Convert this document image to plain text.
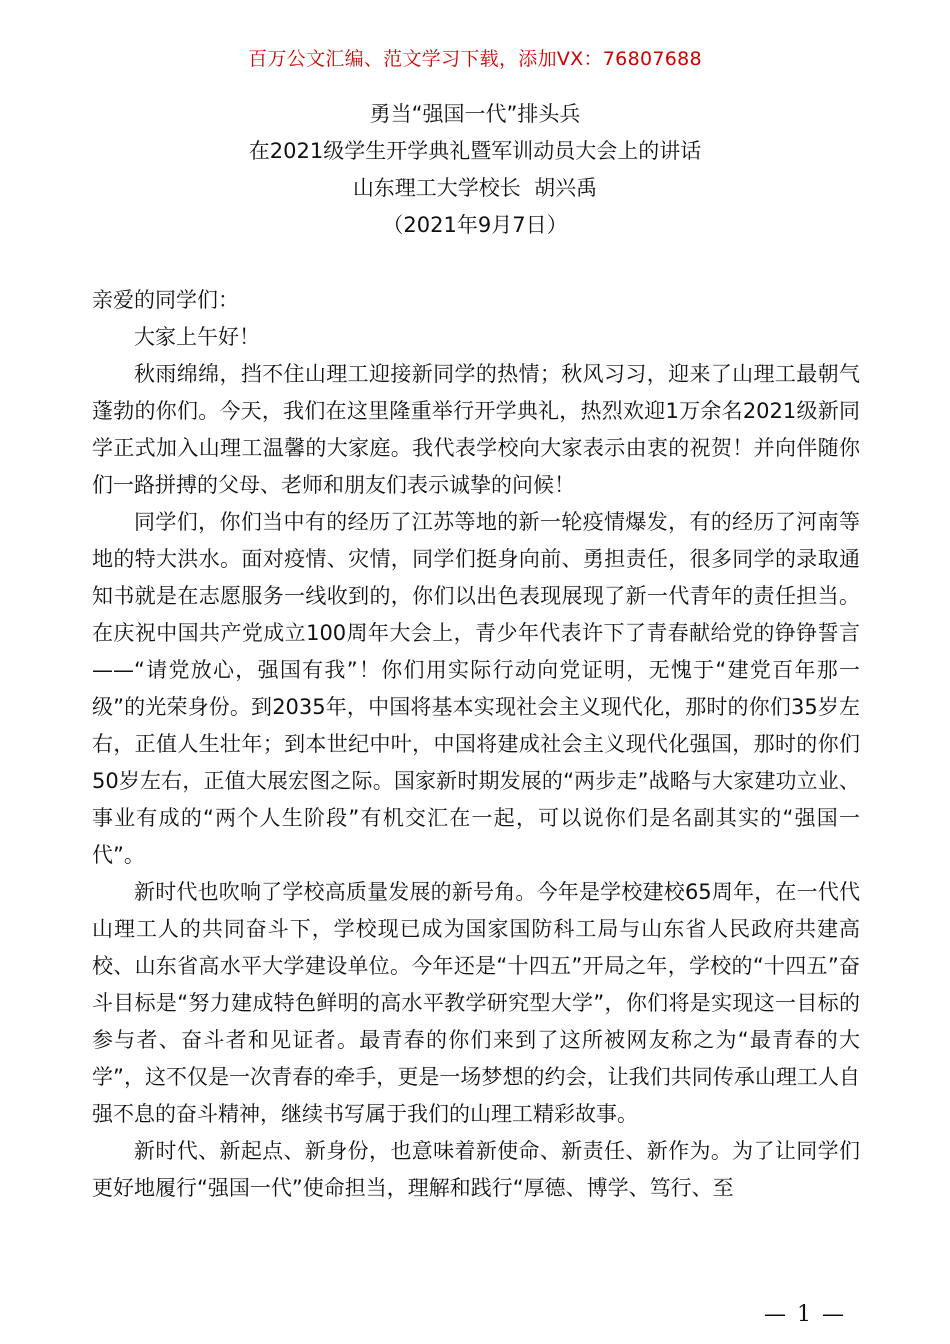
百万公文汇编、范文学习下载，添加VX：76807688
勇当“强国一代”排头兵
在2021级学生开学典礼暨军训动员大会上的讲话
山东理工大学校长  胡兴禹
（2021年9月7日）

亲爱的同学们：

大家上午好！

秋雨绵绵，挡不住山理工迎接新同学的热情；秋风习习，迎来了山理工最朝气蓬勃的你们。今天，我们在这里隆重举行开学典礼，热烈欢迎1万余名2021级新同学正式加入山理工温馨的大家庭。我代表学校向大家表示由衷的祝贺！并向伴随你们一路拼搏的父母、老师和朋友们表示诚挚的问候！

同学们，你们当中有的经历了江苏等地的新一轮疫情爆发，有的经历了河南等地的特大洪水。面对疫情、灾情，同学们挺身向前、勇担责任，很多同学的录取通知书就是在志愿服务一线收到的，你们以出色表现展现了新一代青年的责任担当。在庆祝中国共产党成立100周年大会上，青少年代表许下了青春献给党的铮铮誓言——“请党放心，强国有我”！你们用实际行动向党证明，无愧于“建党百年那一级”的光荣身份。到2035年，中国将基本实现社会主义现代化，那时的你们35岁左右，正值人生壮年；到本世纪中叶，中国将建成社会主义现代化强国，那时的你们50岁左右，正值大展宏图之际。国家新时期发展的“两步走”战略与大家建功立业、事业有成的“两个人生阶段”有机交汇在一起，可以说你们是名副其实的“强国一代”。

新时代也吹响了学校高质量发展的新号角。今年是学校建校65周年，在一代代山理工人的共同奋斗下，学校现已成为国家国防科工局与山东省人民政府共建高校、山东省高水平大学建设单位。今年还是“十四五”开局之年，学校的“十四五”奋斗目标是“努力建成特色鲜明的高水平教学研究型大学”，你们将是实现这一目标的参与者、奋斗者和见证者。最青春的你们来到了这所被网友称之为“最青春的大学”，这不仅是一次青春的牵手，更是一场梦想的约会，让我们共同传承山理工人自强不息的奋斗精神，继续书写属于我们的山理工精彩故事。

新时代、新起点、新身份，也意味着新使命、新责任、新作为。为了让同学们更好地履行“强国一代”使命担当，理解和践行“厚德、博学、笃行、至

— 1 —
